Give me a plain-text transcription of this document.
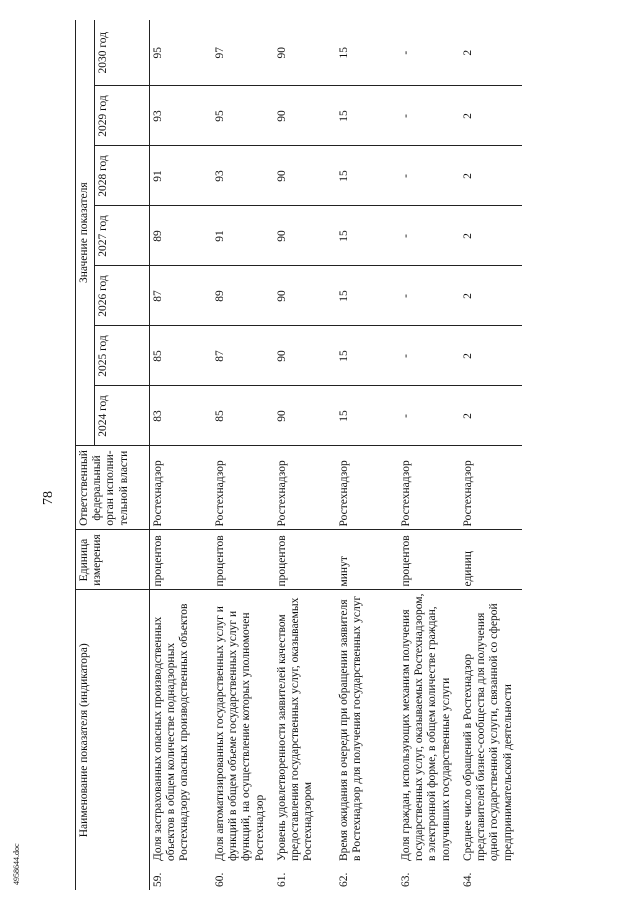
78
4958644.doc
Наименование показателя (индикатора)	Единица измерения	Ответственный федеральный орган исполни-тельной власти	Значение показателя						
			2024 год	2025 год	2026 год	2027 год	2028 год	2029 год	2030 год

59.
Доля застрахованных опасных производственных объектов в общем количестве поднадзорных Ростехнадзору опасных производственных объектов	процентов	Ростехнадзор	83	85	87	89	91	93	95

60.
Доля автоматизированных государственных услуг и функций в общем объеме государственных услуг и функций, на осуществление которых уполномочен Ростехнадзор	процентов	Ростехнадзор	85	87	89	91	93	95	97

61.
Уровень удовлетворенности заявителей качеством предоставления государственных услуг, оказываемых Ростехнадзором	процентов	Ростехнадзор	90	90	90	90	90	90	90

62.
Время ожидания в очереди при обращении заявителя в Ростехнадзор для получения государственных услуг	минут	Ростехнадзор	15	15	15	15	15	15	15

63.
Доля граждан, использующих механизм получения государственных услуг, оказываемых Ростехнадзором, в электронной форме, в общем количестве граждан, получивших государственные услуги	процентов	Ростехнадзор	-	-	-	-	-	-	-

64.
Среднее число обращений в Ростехнадзор представителей бизнес-сообщества для получения одной государственной услуги, связанной со сферой предпринимательской деятельности	единиц	Ростехнадзор	2	2	2	2	2	2	2
